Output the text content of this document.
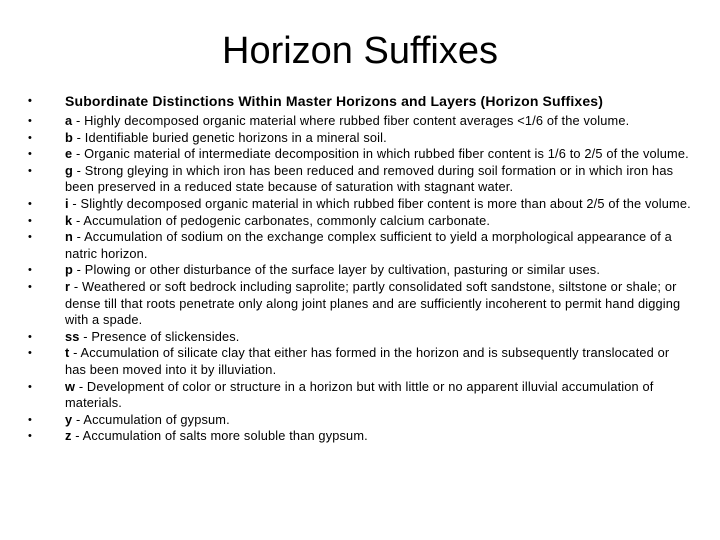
Horizon Suffixes
• Subordinate Distinctions Within Master Horizons and Layers (Horizon Suffixes)
•	a - Highly decomposed organic material where rubbed fiber content averages <1/6 of the volume.
•	b - Identifiable buried genetic horizons in a mineral soil.
•	e - Organic material of intermediate decomposition in which rubbed fiber content is 1/6 to 2/5 of the volume.
•	g - Strong gleying in which iron has been reduced and removed during soil formation or in which iron has been preserved in a reduced state because of saturation with stagnant water.
•	i - Slightly decomposed organic material in which rubbed fiber content is more than about 2/5 of the volume.
•	k - Accumulation of pedogenic carbonates, commonly calcium carbonate.
•	n - Accumulation of sodium on the exchange complex sufficient to yield a morphological appearance of a natric horizon.
•	p - Plowing or other disturbance of the surface layer by cultivation, pasturing or similar uses.
•	r - Weathered or soft bedrock including saprolite; partly consolidated soft sandstone, siltstone or shale; or dense till that roots penetrate only along joint planes and are sufficiently incoherent to permit hand digging with a spade.
•	ss - Presence of slickensides.
•	t - Accumulation of silicate clay that either has formed in the horizon and is subsequently translocated or has been moved into it by illuviation.
•	w - Development of color or structure in a horizon but with little or no apparent illuvial accumulation of materials.
•	y - Accumulation of gypsum.
•	z - Accumulation of salts more soluble than gypsum.
